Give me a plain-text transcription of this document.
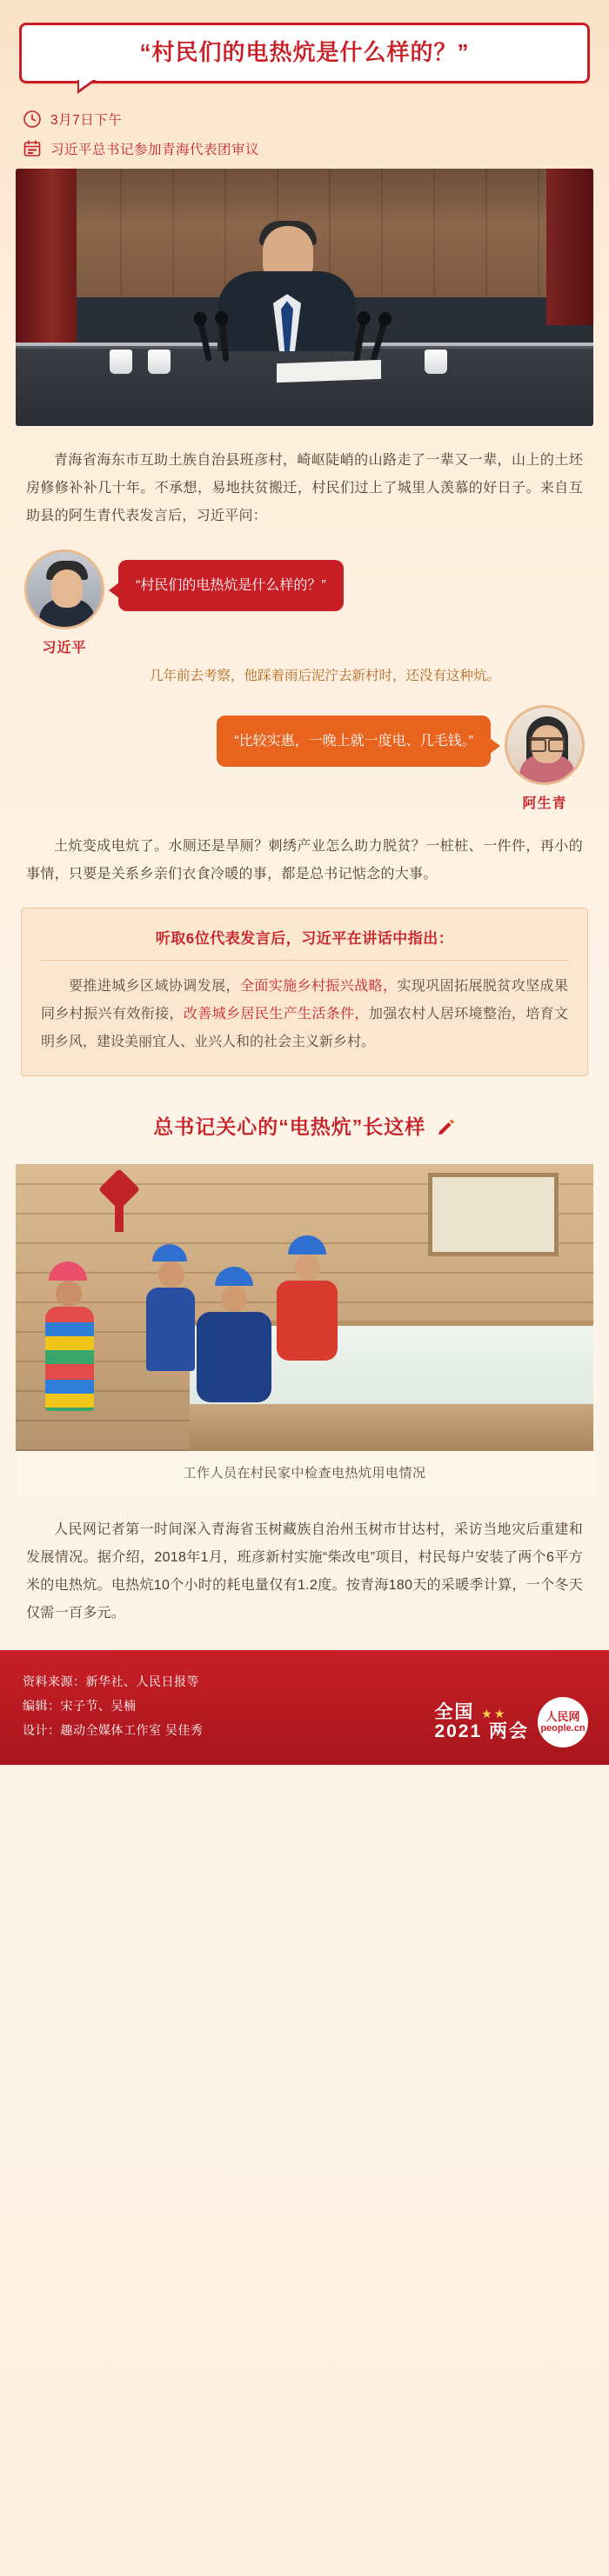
“村民们的电热炕是什么样的？”
3月7日下午
习近平总书记参加青海代表团审议
青海省海东市互助土族自治县班彦村，崎岖陡峭的山路走了一辈又一辈，山上的土坯房修修补补几十年。不承想，易地扶贫搬迁，村民们过上了城里人羡慕的好日子。来自互助县的阿生青代表发言后，习近平问：
习近平
“村民们的电热炕是什么样的？”
几年前去考察，他踩着雨后泥泞去新村时，还没有这种炕。
阿生青
“比较实惠，一晚上就一度电、几毛钱。”
土炕变成电炕了。水厕还是旱厕？刺绣产业怎么助力脱贫？一桩桩、一件件，再小的事情，只要是关系乡亲们衣食冷暖的事，都是总书记惦念的大事。
听取6位代表发言后，习近平在讲话中指出：
要推进城乡区域协调发展，全面实施乡村振兴战略，实现巩固拓展脱贫攻坚成果同乡村振兴有效衔接，改善城乡居民生产生活条件，加强农村人居环境整治，培育文明乡风，建设美丽宜人、业兴人和的社会主义新乡村。
总书记关心的“电热炕”长这样
工作人员在村民家中检查电热炕用电情况
人民网记者第一时间深入青海省玉树藏族自治州玉树市甘达村，采访当地灾后重建和发展情况。据介绍，2018年1月，班彦新村实施“柴改电”项目，村民每户安装了两个6平方米的电热炕。电热炕10个小时的耗电量仅有1.2度。按青海180天的采暖季计算，一个冬天仅需一百多元。
资料来源：新华社、人民日报等
编辑：宋子节、吴楠
设计：趣动全媒体工作室 吴佳秀
全国 ★★
2021 两会
人民网
people.cn
